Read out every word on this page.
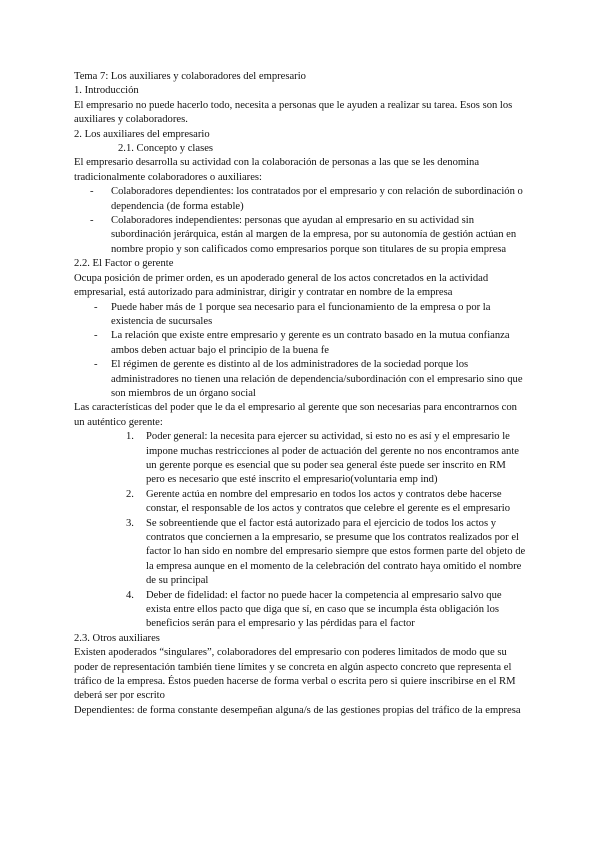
Tema 7: Los auxiliares y colaboradores del empresario

1. Introducción

El empresario no puede hacerlo todo, necesita a personas que le ayuden a realizar su tarea. Esos son los auxiliares y colaboradores.

2. Los auxiliares del empresario

2.1. Concepto y clases

El empresario desarrolla su actividad con la colaboración de personas a las que se les denomina tradicionalmente colaboradores o auxiliares:

- Colaboradores dependientes: los contratados por el empresario y con relación de subordinación o dependencia (de forma estable)
- Colaboradores independientes: personas que ayudan al empresario en su actividad sin subordinación jerárquica, están al margen de la empresa, por su autonomía de gestión actúan en nombre propio y son calificados como empresarios porque son titulares de su propia empresa

2.2. El Factor o gerente

Ocupa posición de primer orden, es un apoderado general de los actos concretados en la actividad empresarial, está autorizado para administrar, dirigir y contratar en nombre de la empresa

- Puede haber más de 1 porque sea necesario para el funcionamiento de la empresa o por la existencia de sucursales
- La relación que existe entre empresario y gerente es un contrato basado en la mutua confianza ambos deben actuar bajo el principio de la buena fe
- El régimen de gerente es distinto al de los administradores de la sociedad porque los administradores no tienen una relación de dependencia/subordinación con el empresario sino que son miembros de un órgano social

Las características del poder que le da el empresario al gerente que son necesarias para encontrarnos con un auténtico gerente:

1. Poder general: la necesita para ejercer su actividad, si esto no es así y el empresario le impone muchas restricciones al poder de actuación del gerente no nos encontramos ante un gerente porque es esencial que su poder sea general éste puede ser inscrito en RM pero es necesario que esté inscrito el empresario(voluntaria emp ind)
2. Gerente actúa en nombre del empresario en todos los actos y contratos debe hacerse constar, el responsable de los actos y contratos que celebre el gerente es el empresario
3. Se sobreentiende que el factor está autorizado para el ejercicio de todos los actos y contratos que conciernen a la empresario, se presume que los contratos realizados por el factor lo han sido en nombre del empresario siempre que estos formen parte del objeto de la empresa aunque en el momento de la celebración del contrato haya omitido el nombre de su principal
4. Deber de fidelidad: el factor no puede hacer la competencia al empresario salvo que exista entre ellos pacto que diga que sí, en caso que se incumpla ésta obligación los beneficios serán para el empresario y las pérdidas para el factor

2.3. Otros auxiliares

Existen apoderados “singulares”, colaboradores del empresario con poderes limitados de modo que su poder de representación también tiene límites y se concreta en algún aspecto concreto que representa el tráfico de la empresa. Éstos pueden hacerse de forma verbal o escrita pero si quiere inscribirse en el RM deberá ser por escrito

Dependientes: de forma constante desempeñan alguna/s de las gestiones propias del tráfico de la empresa
